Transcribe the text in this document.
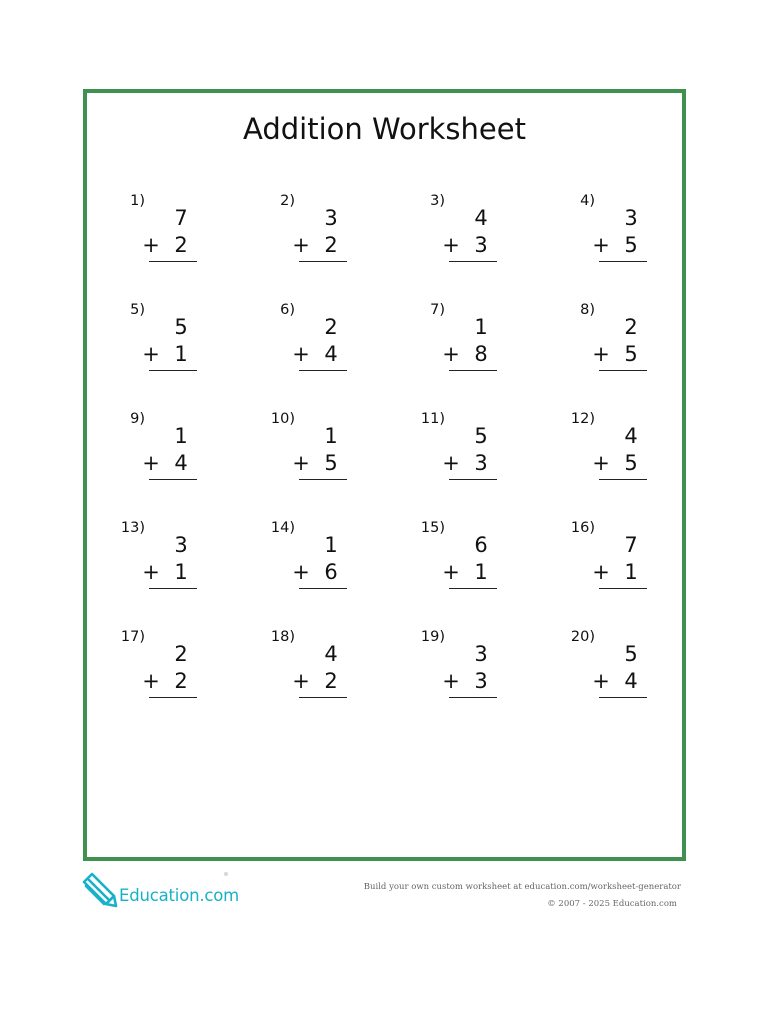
Addition Worksheet
1)
7
+ 2
2)
3
+ 2
3)
4
+ 3
4)
3
+ 5
5)
5
+ 1
6)
2
+ 4
7)
1
+ 8
8)
2
+ 5
9)
1
+ 4
10)
1
+ 5
11)
5
+ 3
12)
4
+ 5
13)
3
+ 1
14)
1
+ 6
15)
6
+ 1
16)
7
+ 1
17)
2
+ 2
18)
4
+ 2
19)
3
+ 3
20)
5
+ 4
Education.com	Build your own custom worksheet at education.com/worksheet-generator
© 2007 - 2025 Education.com
